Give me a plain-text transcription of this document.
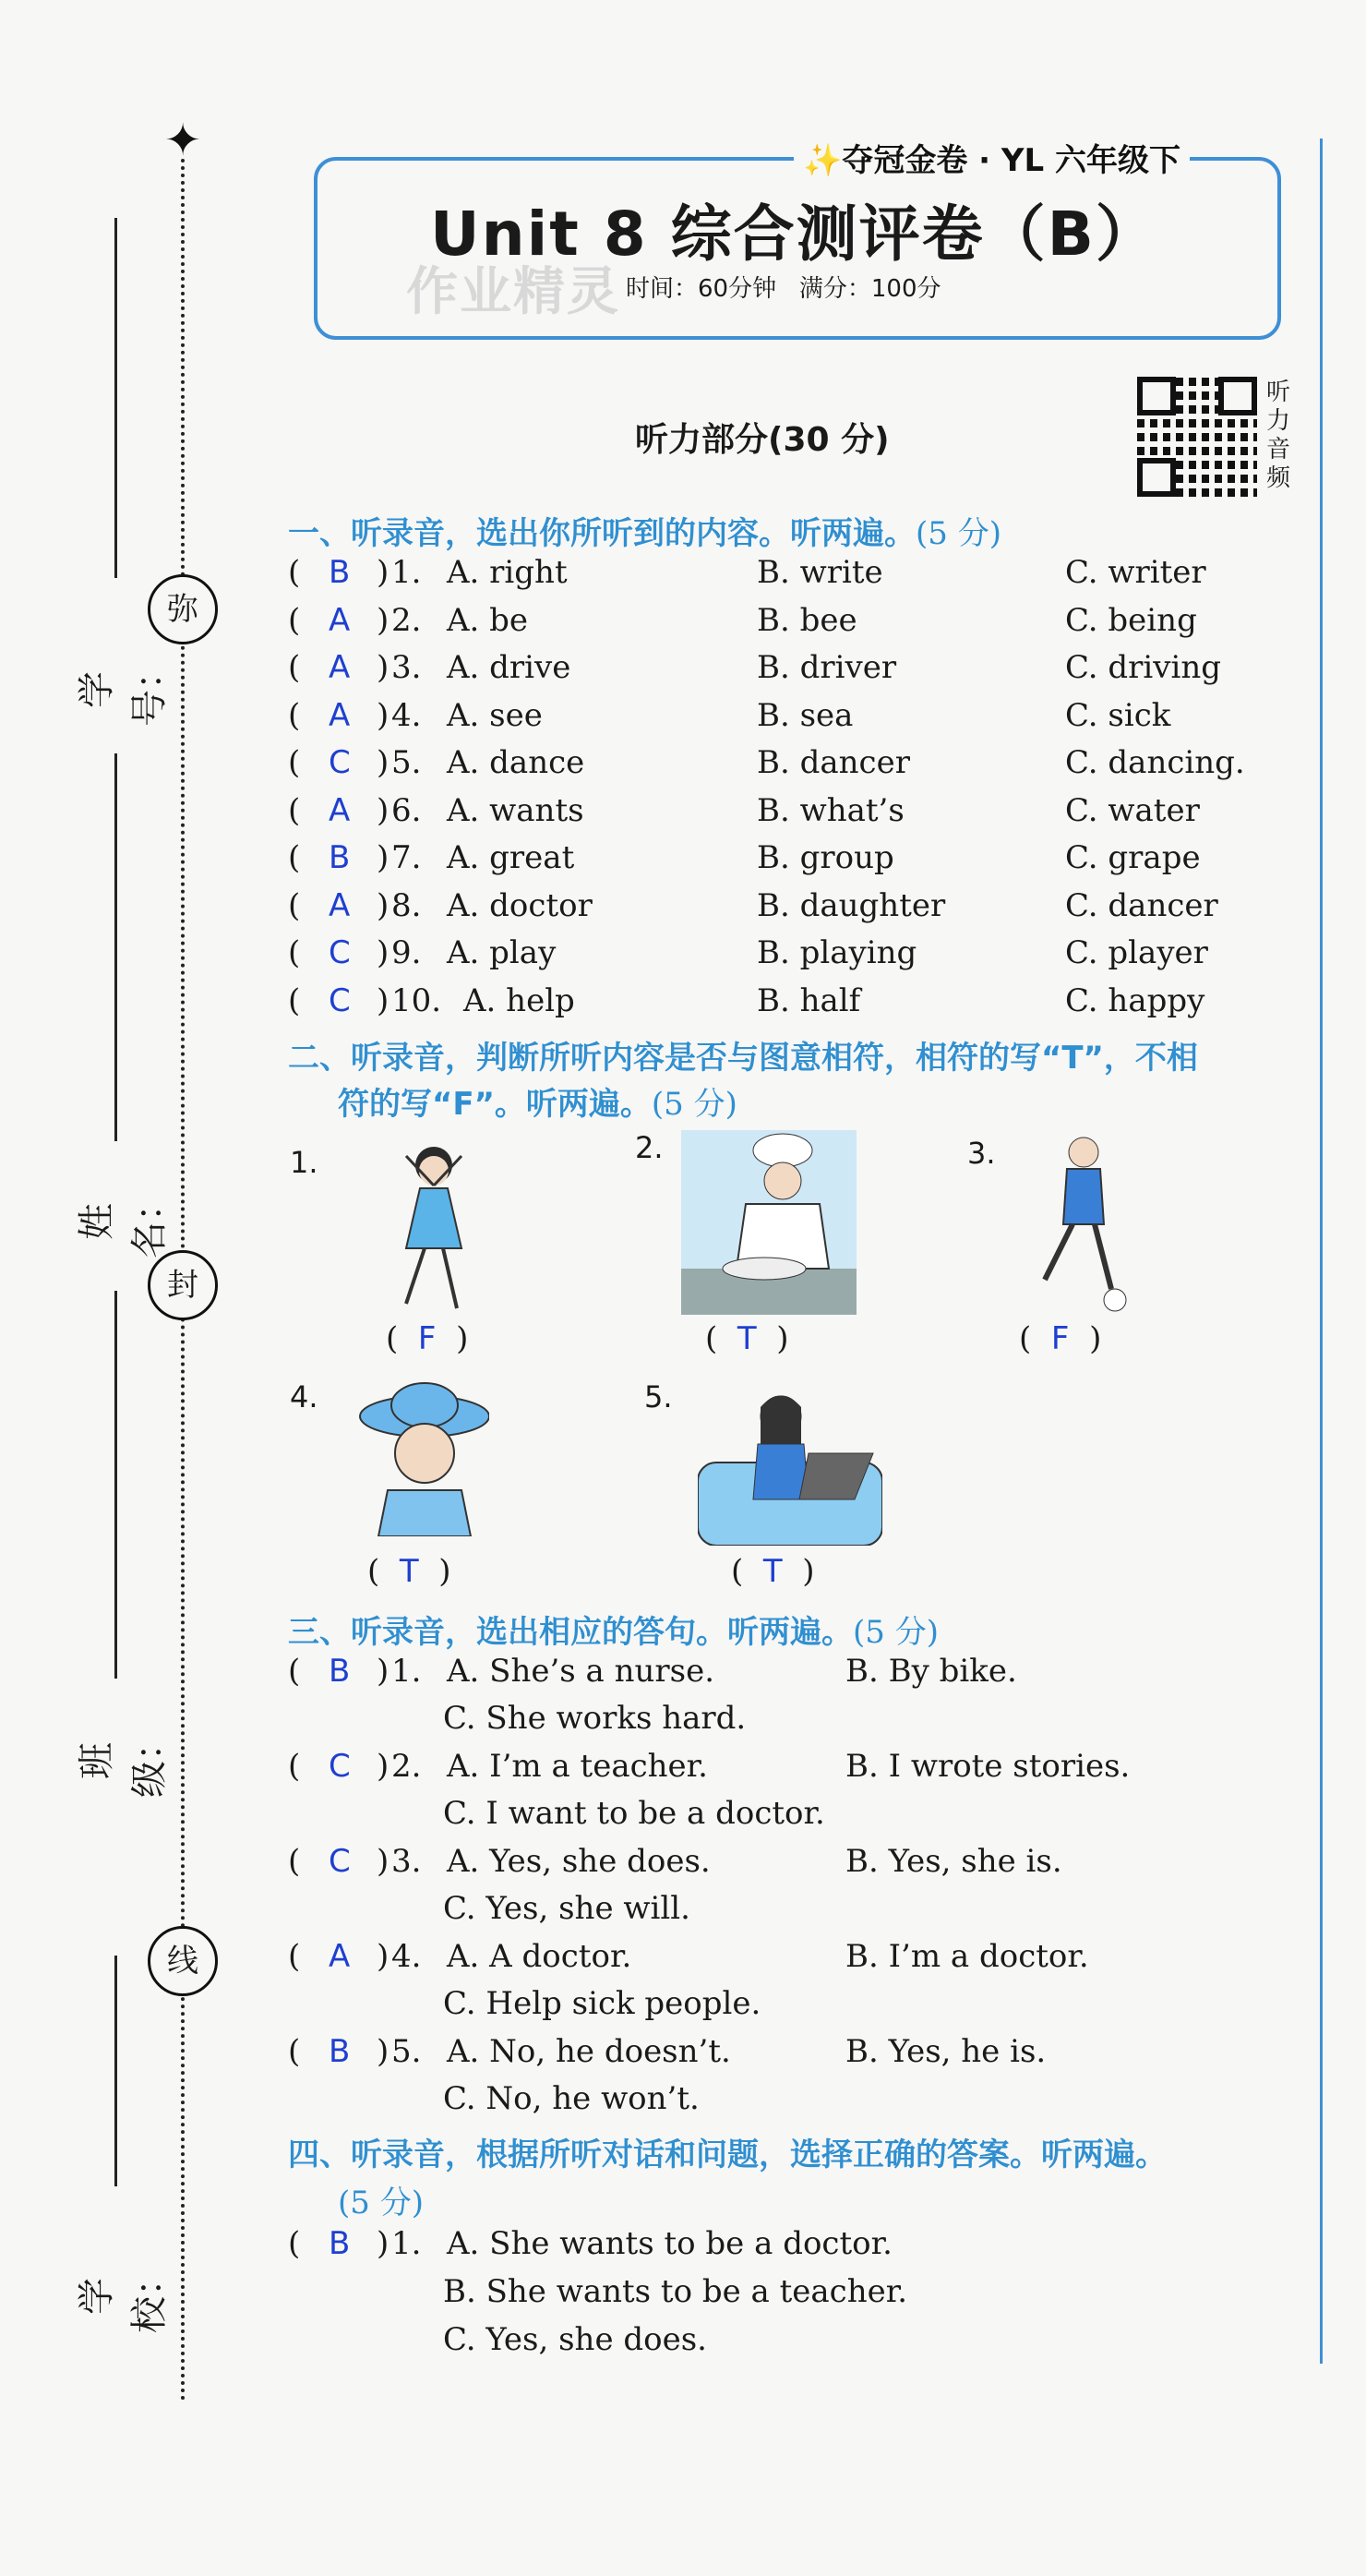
✦
弥
封
线
学号：
姓名：
班级：
学校：
✨夺冠金卷 · YL 六年级下
Unit 8 综合测评卷（B）
作业精灵 时间：60分钟 满分：100分
听力部分(30 分)
听力音频
一、听录音，选出你所听到的内容。听两遍。(5 分)
( B ) 1. A. right	B. write	C. writer
( A ) 2. A. be	B. bee	C. being
( A ) 3. A. drive	B. driver	C. driving
( A ) 4. A. see	B. sea	C. sick
( C ) 5. A. dance	B. dancer	C. dancing.
( A ) 6. A. wants	B. what’s	C. water
( B ) 7. A. great	B. group	C. grape
( A ) 8. A. doctor	B. daughter	C. dancer
( C ) 9. A. play	B. playing	C. player
( C ) 10. A. help	B. half	C. happy
二、听录音，判断所听内容是否与图意相符，相符的写“T”，不相
符的写“F”。听两遍。(5 分)
1.
(  F  )
2.
(  T  )
3.
(  F  )
4.
(  T  )
5.
(  T  )
三、听录音，选出相应的答句。听两遍。(5 分)
( B ) 1. A. She’s a nurse.	B. By bike.
C. She works hard.
( C ) 2. A. I’m a teacher.	B. I wrote stories.
C. I want to be a doctor.
( C ) 3. A. Yes, she does.	B. Yes, she is.
C. Yes, she will.
( A ) 4. A. A doctor.	B. I’m a doctor.
C. Help sick people.
( B ) 5. A. No, he doesn’t.	B. Yes, he is.
C. No, he won’t.
四、听录音，根据所听对话和问题，选择正确的答案。听两遍。
(5 分)
( B ) 1. A. She wants to be a doctor.
B. She wants to be a teacher.
C. Yes, she does.
